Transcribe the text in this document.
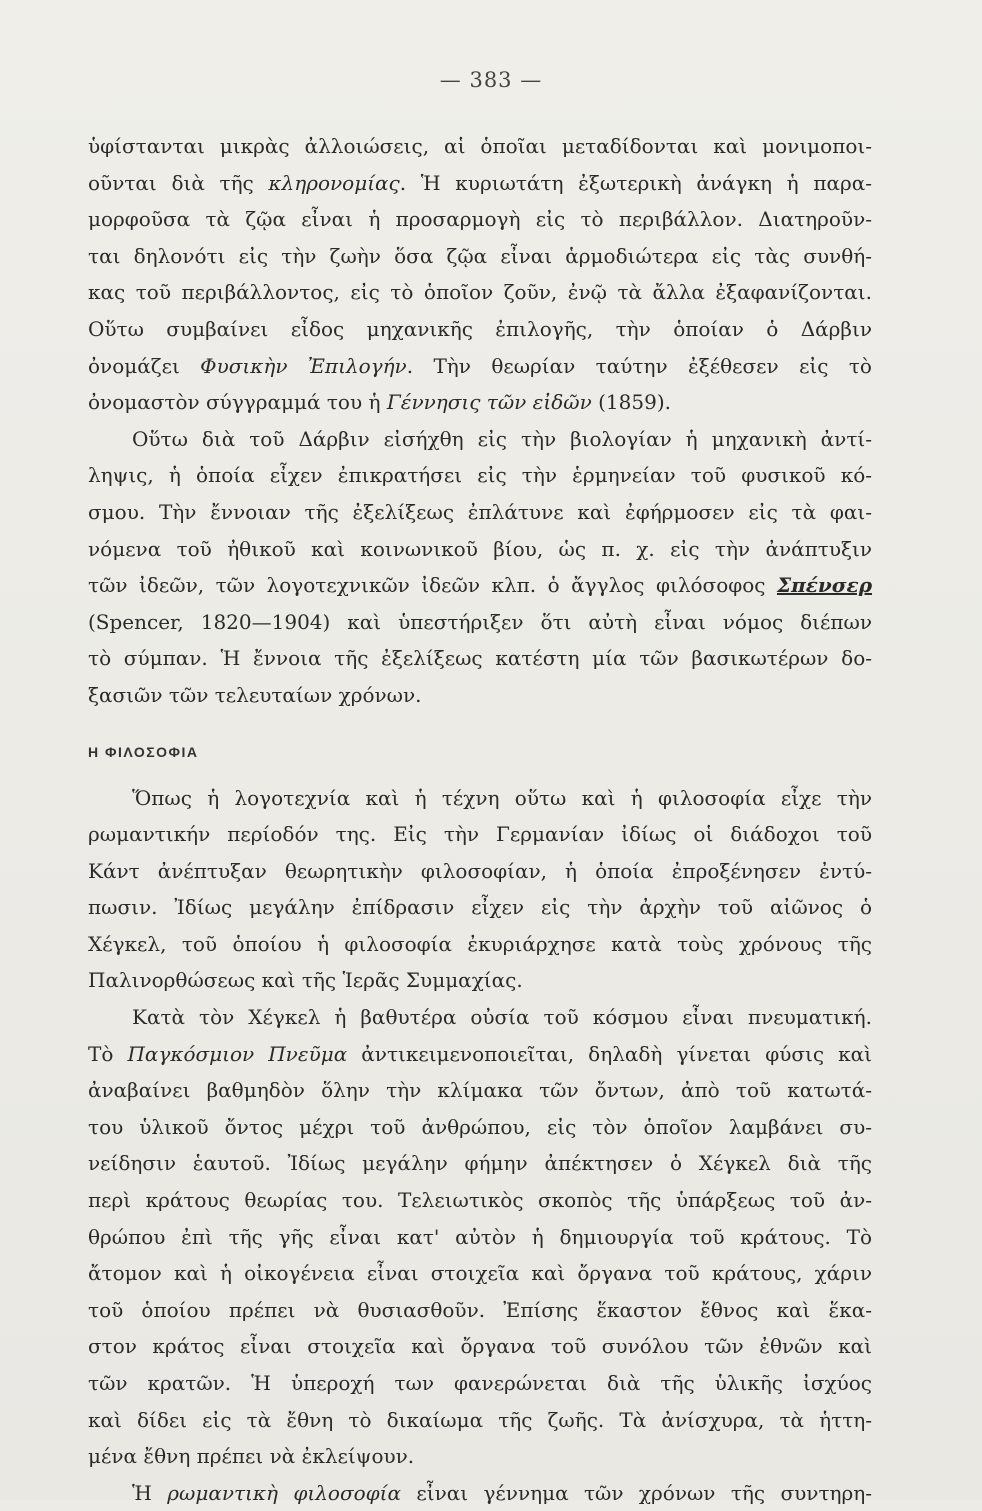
— 383 —
ὑφίστανται μικρὰς ἀλλοιώσεις, αἱ ὁποῖαι μεταδίδονται καὶ μονιμοποι-
οῦνται διὰ τῆς κληρονομίας. Ἡ κυριωτάτη ἐξωτερικὴ ἀνάγκη ἡ παρα-
μορφοῦσα τὰ ζῷα εἶναι ἡ προσαρμογὴ εἰς τὸ περιβάλλον. Διατηροῦν-
ται δηλονότι εἰς τὴν ζωὴν ὅσα ζῷα εἶναι ἁρμοδιώτερα εἰς τὰς συνθή-
κας τοῦ περιβάλλοντος, εἰς τὸ ὁποῖον ζοῦν, ἐνῷ τὰ ἄλλα ἐξαφανίζονται.
Οὕτω συμβαίνει εἶδος μηχανικῆς ἐπιλογῆς, τὴν ὁποίαν ὁ Δάρβιν
ὀνομάζει Φυσικὴν Ἐπιλογήν. Τὴν θεωρίαν ταύτην ἐξέθεσεν εἰς τὸ
ὀνομαστὸν σύγγραμμά του ἡ Γέννησις τῶν εἰδῶν (1859).
Οὕτω διὰ τοῦ Δάρβιν εἰσήχθη εἰς τὴν βιολογίαν ἡ μηχανικὴ ἀντί-
ληψις, ἡ ὁποία εἶχεν ἐπικρατήσει εἰς τὴν ἑρμηνείαν τοῦ φυσικοῦ κό-
σμου. Τὴν ἔννοιαν τῆς ἐξελίξεως ἐπλάτυνε καὶ ἐφήρμοσεν εἰς τὰ φαι-
νόμενα τοῦ ἠθικοῦ καὶ κοινωνικοῦ βίου, ὡς π. χ. εἰς τὴν ἀνάπτυξιν
τῶν ἰδεῶν, τῶν λογοτεχνικῶν ἰδεῶν κλπ. ὁ ἄγγλος φιλόσοφος Σπένσερ
(Spencer, 1820—1904) καὶ ὑπεστήριξεν ὅτι αὐτὴ εἶναι νόμος διέπων
τὸ σύμπαν. Ἡ ἔννοια τῆς ἐξελίξεως κατέστη μία τῶν βασικωτέρων δο-
ξασιῶν τῶν τελευταίων χρόνων.
Η ΦΙΛΟΣΟΦΙΑ
Ὅπως ἡ λογοτεχνία καὶ ἡ τέχνη οὕτω καὶ ἡ φιλοσοφία εἶχε τὴν
ρωμαντικήν περίοδόν της. Εἰς τὴν Γερμανίαν ἰδίως οἱ διάδοχοι τοῦ
Κάντ ἀνέπτυξαν θεωρητικὴν φιλοσοφίαν, ἡ ὁποία ἐπροξένησεν ἐντύ-
πωσιν. Ἰδίως μεγάλην ἐπίδρασιν εἶχεν εἰς τὴν ἀρχὴν τοῦ αἰῶνος ὁ
Χέγκελ, τοῦ ὁποίου ἡ φιλοσοφία ἐκυριάρχησε κατὰ τοὺς χρόνους τῆς
Παλινορθώσεως καὶ τῆς Ἱερᾶς Συμμαχίας.
Κατὰ τὸν Χέγκελ ἡ βαθυτέρα οὐσία τοῦ κόσμου εἶναι πνευματική.
Τὸ Παγκόσμιον Πνεῦμα ἀντικειμενοποιεῖται, δηλαδὴ γίνεται φύσις καὶ
ἀναβαίνει βαθμηδὸν ὅλην τὴν κλίμακα τῶν ὄντων, ἀπὸ τοῦ κατωτά-
του ὑλικοῦ ὄντος μέχρι τοῦ ἀνθρώπου, εἰς τὸν ὁποῖον λαμβάνει συ-
νείδησιν ἑαυτοῦ. Ἰδίως μεγάλην φήμην ἀπέκτησεν ὁ Χέγκελ διὰ τῆς
περὶ κράτους θεωρίας του. Τελειωτικὸς σκοπὸς τῆς ὑπάρξεως τοῦ ἀν-
θρώπου ἐπὶ τῆς γῆς εἶναι κατ' αὐτὸν ἡ δημιουργία τοῦ κράτους. Τὸ
ἄτομον καὶ ἡ οἰκογένεια εἶναι στοιχεῖα καὶ ὄργανα τοῦ κράτους, χάριν
τοῦ ὁποίου πρέπει νὰ θυσιασθοῦν. Ἐπίσης ἕκαστον ἔθνος καὶ ἕκα-
στον κράτος εἶναι στοιχεῖα καὶ ὄργανα τοῦ συνόλου τῶν ἐθνῶν καὶ
τῶν κρατῶν. Ἡ ὑπεροχή των φανερώνεται διὰ τῆς ὑλικῆς ἰσχύος
καὶ δίδει εἰς τὰ ἔθνη τὸ δικαίωμα τῆς ζωῆς. Τὰ ἀνίσχυρα, τὰ ἡττη-
μένα ἔθνη πρέπει νὰ ἐκλείψουν.
Ἡ ρωμαντικὴ φιλοσοφία εἶναι γέννημα τῶν χρόνων τῆς συντηρη-
